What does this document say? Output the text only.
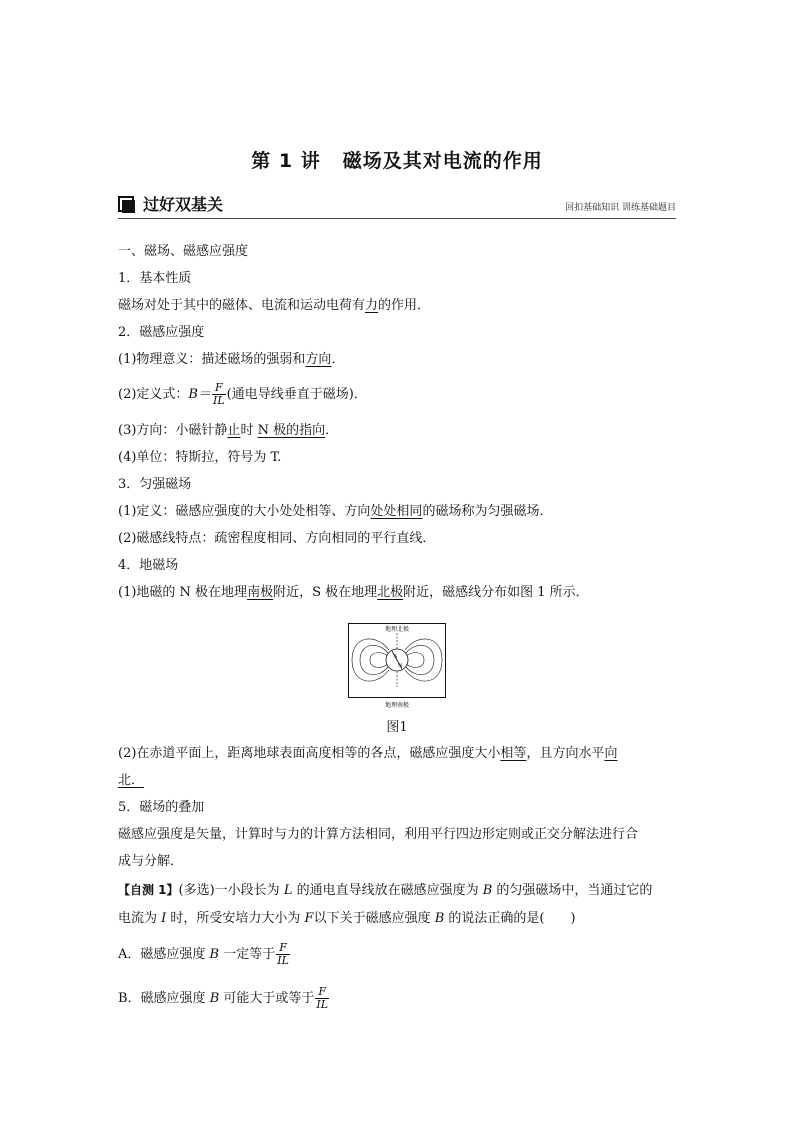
第 1 讲 磁场及其对电流的作用
过好双基关	回扣基础知识 训练基础题目
一、磁场、磁感应强度
1．基本性质
磁场对处于其中的磁体、电流和运动电荷有力的作用．
2．磁感应强度
(1)物理意义：描述磁场的强弱和方向．
(2)定义式：$B= \frac{F}{IL}$ (通电导线垂直于磁场)．
(3)方向：小磁针静止时 N 极的指向．
(4)单位：特斯拉，符号为 T.
3．匀强磁场
(1)定义：磁感应强度的大小处处相等、方向处处相同的磁场称为匀强磁场．
(2)磁感线特点：疏密程度相同、方向相同的平行直线．
4．地磁场
(1)地磁的 N 极在地理南极附近，S 极在地理北极附近，磁感线分布如图 1 所示．
地理北极
地理南极
S
N
图1
(2)在赤道平面上，距离地球表面高度相等的各点，磁感应强度大小相等，且方向水平向
北．
5．磁场的叠加
磁感应强度是矢量，计算时与力的计算方法相同，利用平行四边形定则或正交分解法进行合
成与分解．
【自测 1】(多选)一小段长为 L 的通电直导线放在磁感应强度为 B 的匀强磁场中，当通过它的
电流为 I 时，所受安培力大小为 F以下关于磁感应强度 B 的说法正确的是(　　)
A．磁感应强度 B 一定等于 $\frac{F}{IL}$
B．磁感应强度 B 可能大于或等于 $\frac{F}{IL}$
